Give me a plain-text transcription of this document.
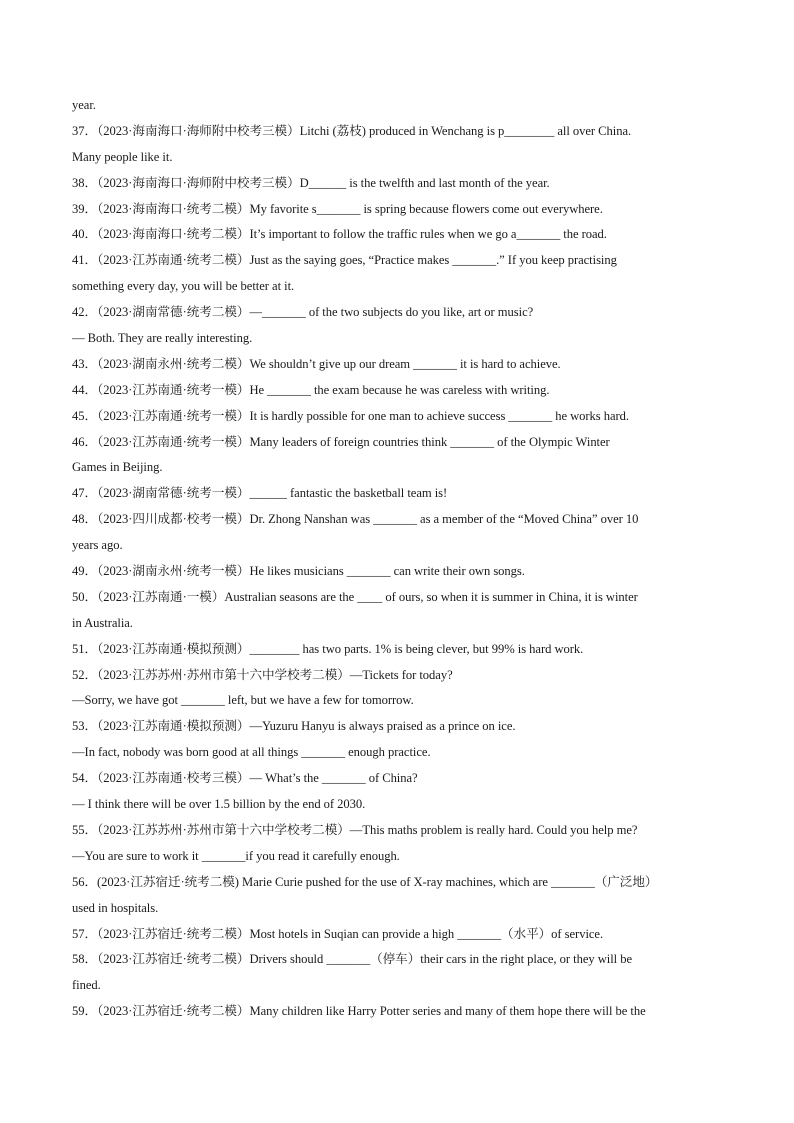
year.
37．（2023·海南海口·海师附中校考三模）Litchi (荔枝) produced in Wenchang is p________ all over China.
Many people like it.
38．（2023·海南海口·海师附中校考三模）D______ is the twelfth and last month of the year.
39．（2023·海南海口·统考二模）My favorite s_______ is spring because flowers come out everywhere.
40．（2023·海南海口·统考二模）It’s important to follow the traffic rules when we go a_______ the road.
41．（2023·江苏南通·统考二模）Just as the saying goes, “Practice makes _______.” If you keep practising
something every day, you will be better at it.
42．（2023·湖南常德·统考二模）—_______ of the two subjects do you like, art or music?
— Both. They are really interesting.
43．（2023·湖南永州·统考二模）We shouldn’t give up our dream _______ it is hard to achieve.
44．（2023·江苏南通·统考一模）He _______ the exam because he was careless with writing.
45．（2023·江苏南通·统考一模）It is hardly possible for one man to achieve success _______ he works hard.
46．（2023·江苏南通·统考一模）Many leaders of foreign countries think _______ of the Olympic Winter
Games in Beijing.
47．（2023·湖南常德·统考一模）______ fantastic the basketball team is!
48．（2023·四川成都·校考一模）Dr. Zhong Nanshan was _______ as a member of the “Moved China” over 10
years ago.
49．（2023·湖南永州·统考一模）He likes musicians _______ can write their own songs.
50．（2023·江苏南通·一模）Australian seasons are the ____ of ours, so when it is summer in China, it is winter
in Australia.
51．（2023·江苏南通·模拟预测）________ has two parts. 1% is being clever, but 99% is hard work.
52．（2023·江苏苏州·苏州市第十六中学校考二模）—Tickets for today?
—Sorry, we have got _______ left, but we have a few for tomorrow.
53．（2023·江苏南通·模拟预测）—Yuzuru Hanyu is always praised as a prince on ice.
—In fact, nobody was born good at all things _______ enough practice.
54．（2023·江苏南通·校考三模）— What’s the _______ of China?
— I think there will be over 1.5 billion by the end of 2030.
55．（2023·江苏苏州·苏州市第十六中学校考二模）—This maths problem is really hard. Could you help me?
—You are sure to work it _______if you read it carefully enough.
56．(2023·江苏宿迁·统考二模) Marie Curie pushed for the use of X-ray machines, which are _______（广泛地）
used in hospitals.
57．（2023·江苏宿迁·统考二模）Most hotels in Suqian can provide a high _______（水平）of service.
58．（2023·江苏宿迁·统考二模）Drivers should _______（停车）their cars in the right place, or they will be
fined.
59．（2023·江苏宿迁·统考二模）Many children like Harry Potter series and many of them hope there will be the
